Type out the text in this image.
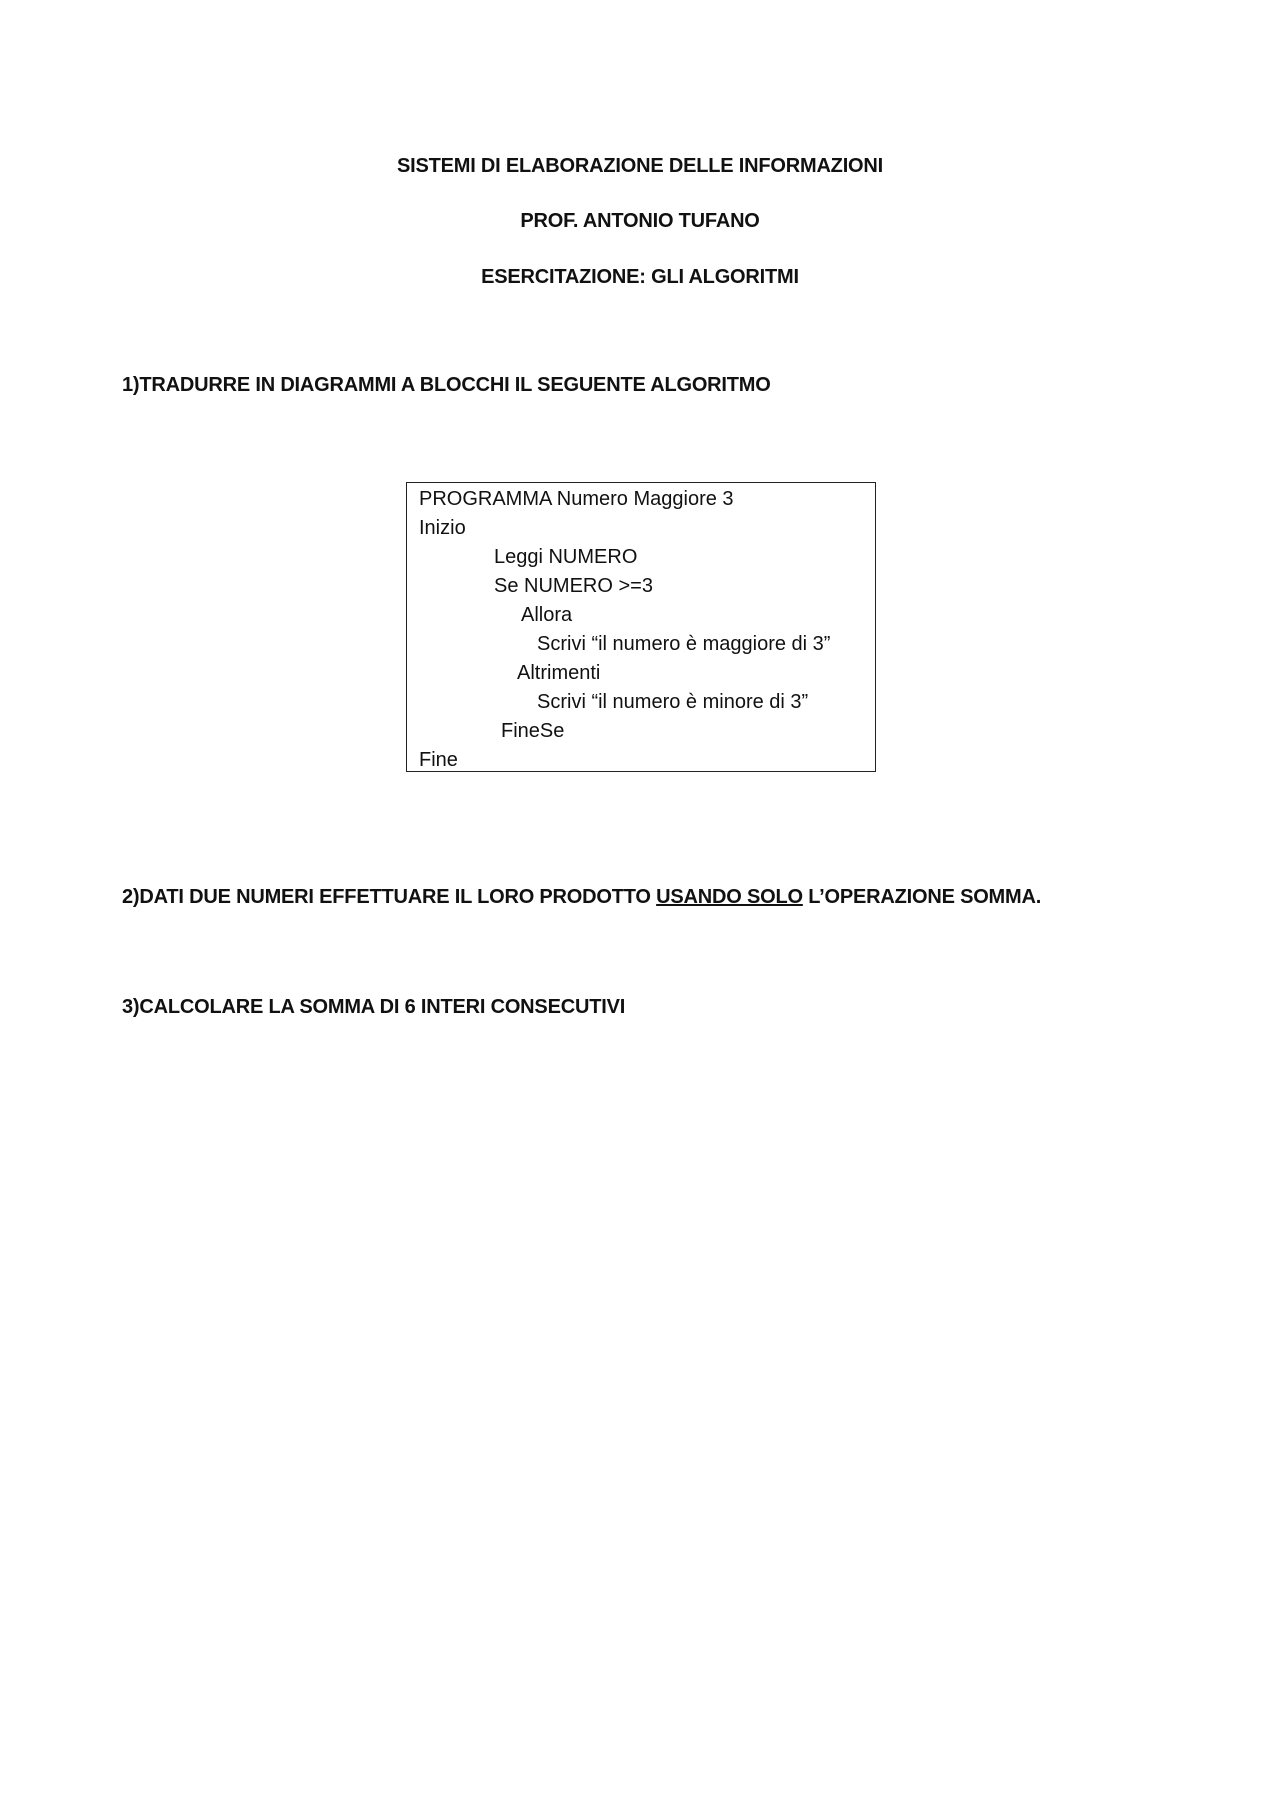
SISTEMI DI ELABORAZIONE DELLE INFORMAZIONI
PROF. ANTONIO TUFANO
ESERCITAZIONE: GLI ALGORITMI
1)TRADURRE IN DIAGRAMMI A BLOCCHI IL SEGUENTE ALGORITMO
PROGRAMMA Numero Maggiore 3
Inizio
Leggi NUMERO
Se NUMERO >=3
Allora
Scrivi “il numero è maggiore di 3”
Altrimenti
Scrivi “il numero è minore di 3”
FineSe
Fine
2)DATI DUE NUMERI EFFETTUARE IL LORO PRODOTTO USANDO SOLO L’OPERAZIONE SOMMA.
3)CALCOLARE LA SOMMA DI 6 INTERI CONSECUTIVI
